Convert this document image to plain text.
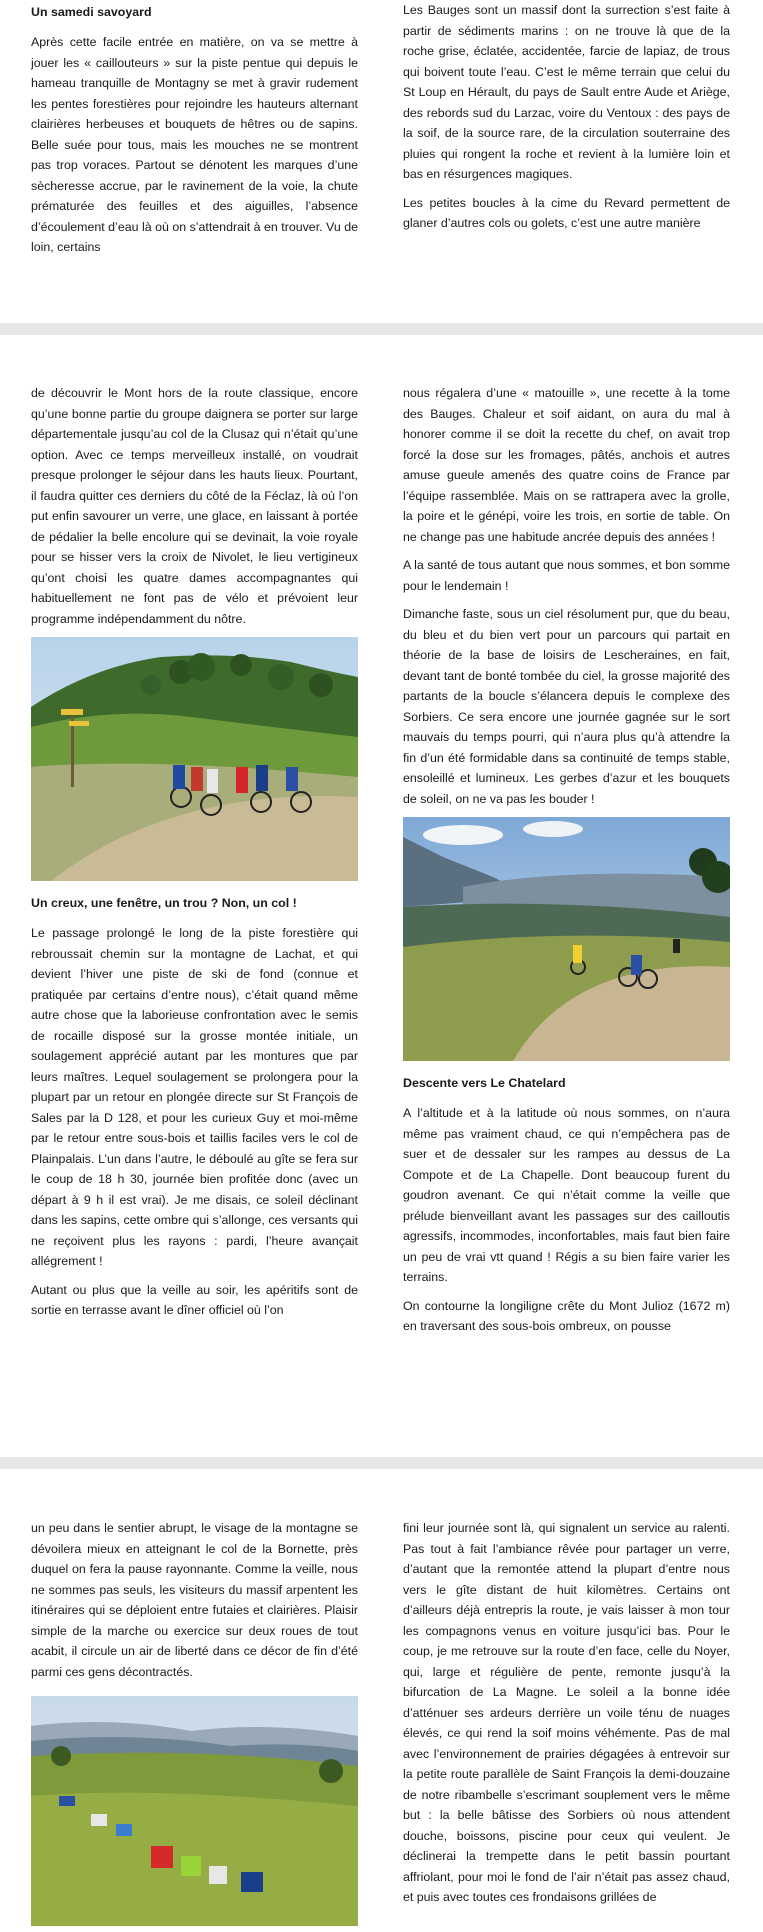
Un samedi savoyard

Après cette facile entrée en matière, on va se mettre à jouer les « caillouteurs » sur la piste pentue qui depuis le hameau tranquille de Montagny se met à gravir rudement les pentes forestières pour rejoindre les hauteurs alternant clairières herbeuses et bouquets de hêtres ou de sapins. Belle suée pour tous, mais les mouches ne se montrent pas trop voraces. Partout se dénotent les marques d’une sècheresse accrue, par le ravinement de la voie, la chute prématurée des feuilles et des aiguilles, l’absence d’écoulement d’eau là où on s’attendrait à en trouver. Vu de loin, certains

Les Bauges sont un massif dont la surrection s’est faite à partir de sédiments marins : on ne trouve là que de la roche grise, éclatée, accidentée, farcie de lapiaz, de trous qui boivent toute l’eau. C’est le même terrain que celui du St Loup en Hérault, du pays de Sault entre Aude et Ariège, des rebords sud du Larzac, voire du Ventoux : des pays de la soif, de la source rare, de la circulation souterraine des pluies qui rongent la roche et revient à la lumière loin et bas en résurgences magiques.

Les petites boucles à la cime du Revard permettent de glaner d’autres cols ou golets, c’est une autre manière

de découvrir le Mont hors de la route classique, encore qu’une bonne partie du groupe daignera se porter sur large départementale jusqu’au col de la Clusaz qui n’était qu’une option. Avec ce temps merveilleux installé, on voudrait presque prolonger le séjour dans les hauts lieux. Pourtant, il faudra quitter ces derniers du côté de la Féclaz, là où l’on put enfin savourer un verre, une glace, en laissant à portée de pédalier la belle encolure qui se devinait, la voie royale pour se hisser vers la croix de Nivolet, le lieu vertigineux qu’ont choisi les quatre dames accompagnantes qui habituellement ne font pas de vélo et prévoient leur programme indépendamment du nôtre.

Un creux, une fenêtre, un trou ? Non, un col !

Le passage prolongé le long de la piste forestière qui rebroussait chemin sur la montagne de Lachat, et qui devient l’hiver une piste de ski de fond (connue et pratiquée par certains d’entre nous), c’était quand même autre chose que la laborieuse confrontation avec le semis de rocaille disposé sur la grosse montée initiale, un soulagement apprécié autant par les montures que par leurs maîtres. Lequel soulagement se prolongera pour la plupart par un retour en plongée directe sur St François de Sales par la D 128, et pour les curieux Guy et moi-même par le retour entre sous-bois et taillis faciles vers le col de Plainpalais. L’un dans l’autre, le déboulé au gîte se fera sur le coup de 18 h 30, journée bien profitée donc (avec un départ à 9 h il est vrai). Je me disais, ce soleil déclinant dans les sapins, cette ombre qui s’allonge, ces versants qui ne reçoivent plus les rayons : pardi, l’heure avançait allégrement !

Autant ou plus que la veille au soir, les apéritifs sont de sortie en terrasse avant le dîner officiel où l’on

nous régalera d’une « matouille », une recette à la tome des Bauges. Chaleur et soif aidant, on aura du mal à honorer comme il se doit la recette du chef, on avait trop forcé la dose sur les fromages, pâtés, anchois et autres amuse gueule amenés des quatre coins de France par l’équipe rassemblée. Mais on se rattrapera avec la grolle, la poire et le génépi, voire les trois, en sortie de table. On ne change pas une habitude ancrée depuis des années !

A la santé de tous autant que nous sommes, et bon somme pour le lendemain !

Dimanche faste, sous un ciel résolument pur, que du beau, du bleu et du bien vert pour un parcours qui partait en théorie de la base de loisirs de Lescheraines, en fait, devant tant de bonté tombée du ciel, la grosse majorité des partants de la boucle s’élancera depuis le complexe des Sorbiers. Ce sera encore une journée gagnée sur le sort mauvais du temps pourri, qui n’aura plus qu’à attendre la fin d’un été formidable dans sa continuité de temps stable, ensoleillé et lumineux. Les gerbes d’azur et les bouquets de soleil, on ne va pas les bouder !

Descente vers Le Chatelard

A l’altitude et à la latitude où nous sommes, on n’aura même pas vraiment chaud, ce qui n’empêchera pas de suer et de dessaler sur les rampes au dessus de La Compote et de La Chapelle. Dont beaucoup furent du goudron avenant. Ce qui n’était comme la veille que prélude bienveillant avant les passages sur des cailloutis agressifs, incommodes, inconfortables, mais faut bien faire un peu de vrai vtt quand ! Régis a su bien faire varier les terrains.

On contourne la longiligne crête du Mont Julioz (1672 m) en traversant des sous-bois ombreux, on pousse

un peu dans le sentier abrupt, le visage de la montagne se dévoilera mieux en atteignant le col de la Bornette, près duquel on fera la pause rayonnante. Comme la veille, nous ne sommes pas seuls, les visiteurs du massif arpentent les itinéraires qui se déploient entre futaies et clairières. Plaisir simple de la marche ou exercice sur deux roues de tout acabit, il circule un air de liberté dans ce décor de fin d’été parmi ces gens décontractés.

fini leur journée sont là, qui signalent un service au ralenti. Pas tout à fait l’ambiance rêvée pour partager un verre, d’autant que la remontée attend la plupart d’entre nous vers le gîte distant de huit kilomètres. Certains ont d’ailleurs déjà entrepris la route, je vais laisser à mon tour les compagnons venus en voiture jusqu’ici bas. Pour le coup, je me retrouve sur la route d’en face, celle du Noyer, qui, large et régulière de pente, remonte jusqu’à la bifurcation de La Magne. Le soleil a la bonne idée d’atténuer ses ardeurs derrière un voile ténu de nuages élevés, ce qui rend la soif moins véhémente. Pas de mal avec l’environnement de prairies dégagées à entrevoir sur la petite route parallèle de Saint François la demi-douzaine de notre ribambelle s’escrimant souplement vers le même but : la belle bâtisse des Sorbiers où nous attendent douche, boissons, piscine pour ceux qui veulent. Je déclinerai la trempette dans le petit bassin pourtant affriolant, pour moi le fond de l’air n’était pas assez chaud, et puis avec toutes ces frondaisons grillées de
